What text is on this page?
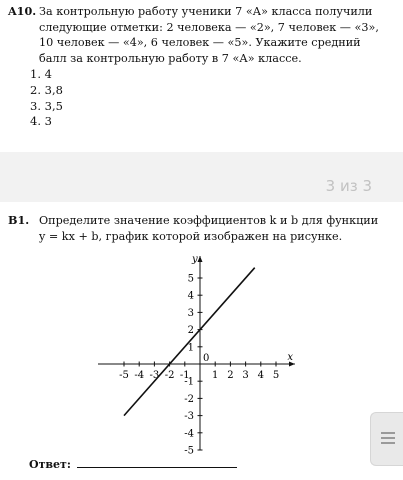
A10. За контрольную работу ученики 7 «А» класса получили
следующие отметки: 2 человека — «2», 7 человек — «3»,
10 человек — «4», 6 человек — «5». Укажите средний
балл за контрольную работу в 7 «А» классе.
1. 4
2. 3,8
3. 3,5
4. 3
3 из 3
B1. Определите значение коэффициентов k и b для функции
y = kx + b, график которой изображен на рисунке.
x
y
0
-5 -4 -3 -2 -1 1 2 3 4 5
5
4
3
2
1
-1
-2
-3
-4
-5
Ответ:
